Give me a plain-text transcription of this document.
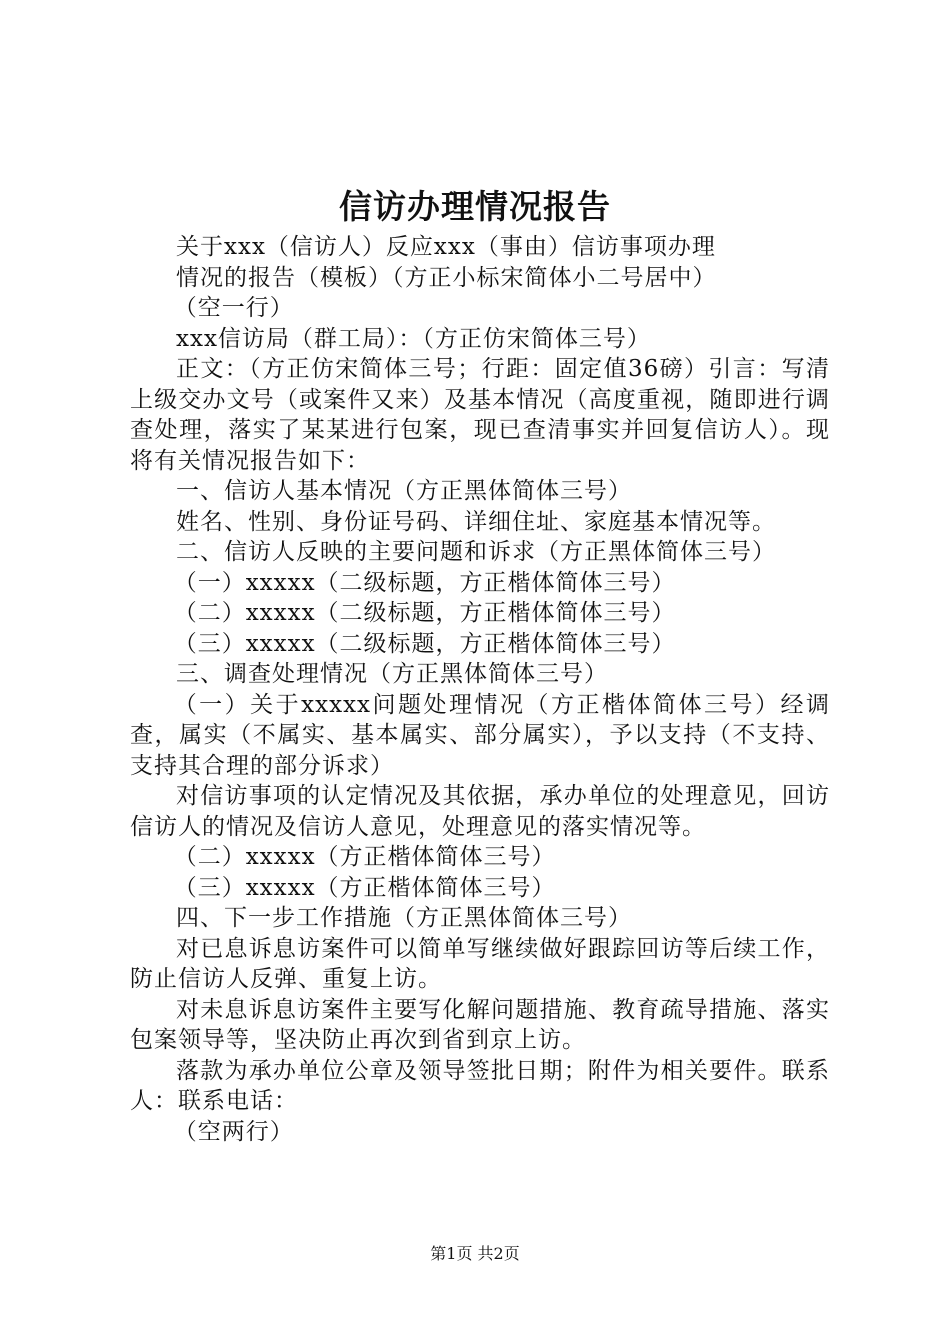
信访办理情况报告

关于xxx（信访人）反应xxx（事由）信访事项办理

情况的报告（模板）（方正小标宋简体小二号居中）

（空一行）

xxx信访局（群工局）：（方正仿宋简体三号）

正文：（方正仿宋简体三号；行距：固定值36磅）引言：写清上级交办文号（或案件又来）及基本情况（高度重视，随即进行调查处理，落实了某某进行包案，现已查清事实并回复信访人）。现将有关情况报告如下：

一、信访人基本情况（方正黑体简体三号）

姓名、性别、身份证号码、详细住址、家庭基本情况等。

二、信访人反映的主要问题和诉求（方正黑体简体三号）

（一）xxxxx（二级标题，方正楷体简体三号）

（二）xxxxx（二级标题，方正楷体简体三号）

（三）xxxxx（二级标题，方正楷体简体三号）

三、调查处理情况（方正黑体简体三号）

（一）关于xxxxx问题处理情况（方正楷体简体三号）经调查，属实（不属实、基本属实、部分属实），予以支持（不支持、支持其合理的部分诉求）

对信访事项的认定情况及其依据，承办单位的处理意见，回访信访人的情况及信访人意见，处理意见的落实情况等。

（二）xxxxx（方正楷体简体三号）

（三）xxxxx（方正楷体简体三号）

四、下一步工作措施（方正黑体简体三号）

对已息诉息访案件可以简单写继续做好跟踪回访等后续工作，防止信访人反弹、重复上访。

对未息诉息访案件主要写化解问题措施、教育疏导措施、落实包案领导等，坚决防止再次到省到京上访。

落款为承办单位公章及领导签批日期；附件为相关要件。联系人：联系电话：

（空两行）

第1页 共2页
